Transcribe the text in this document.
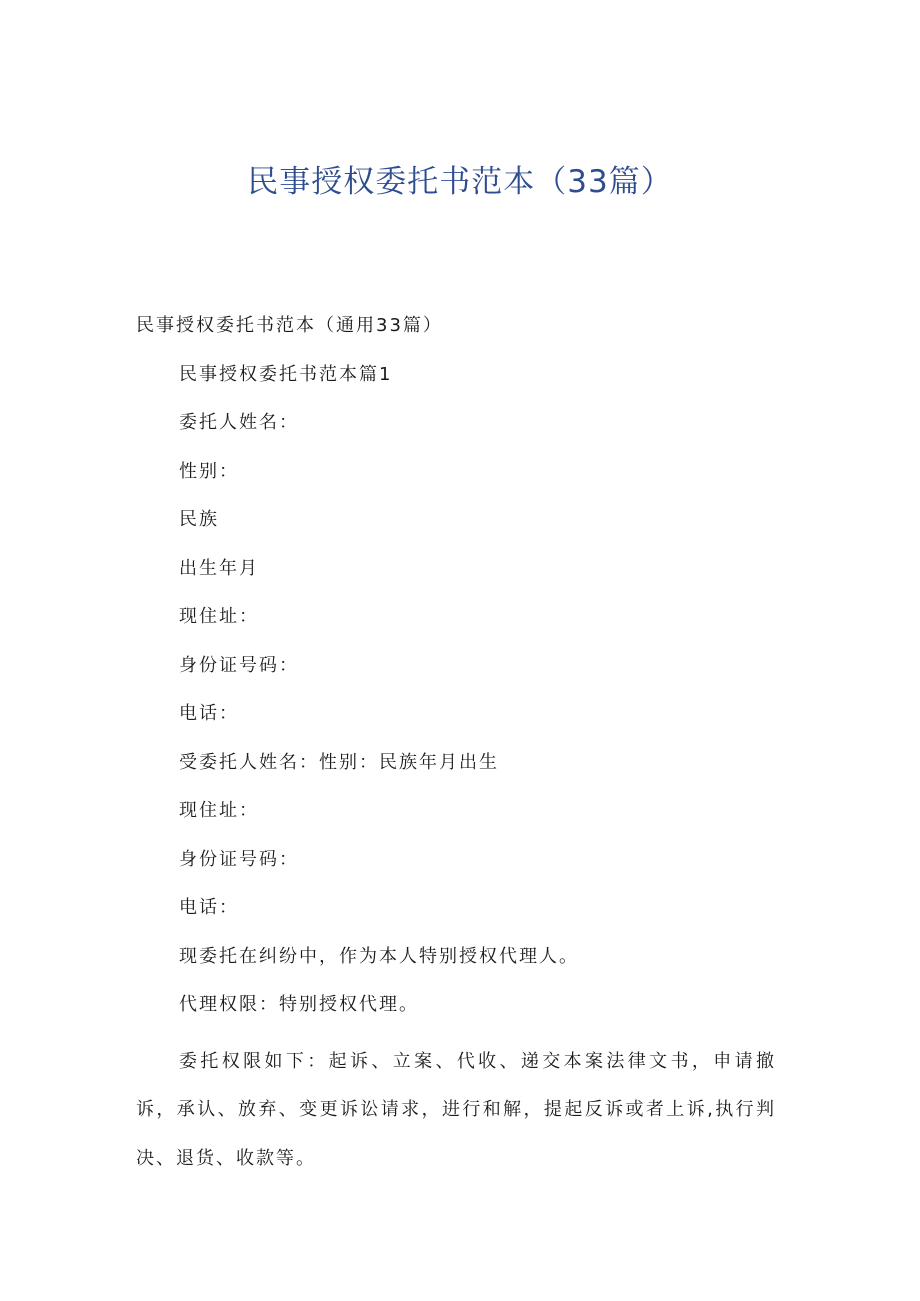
民事授权委托书范本（33篇）
民事授权委托书范本（通用33篇）
民事授权委托书范本篇1
委托人姓名：
性别：
民族
出生年月
现住址：
身份证号码：
电话：
受委托人姓名：性别：民族年月出生
现住址：
身份证号码：
电话：
现委托在纠纷中，作为本人特别授权代理人。
代理权限：特别授权代理。
委托权限如下：起诉、立案、代收、递交本案法律文书，申请撤诉，承认、放弃、变更诉讼请求，进行和解，提起反诉或者上诉,执行判决、退货、收款等。
